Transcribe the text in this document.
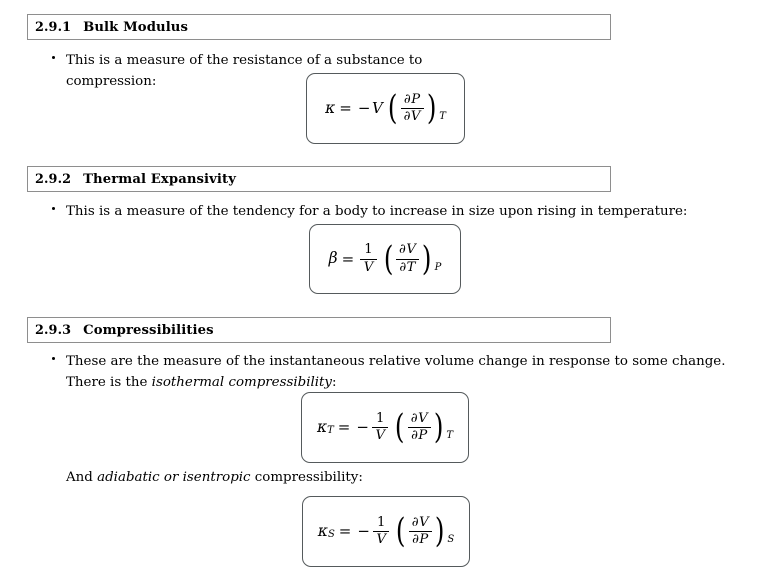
2.9.1 Bulk Modulus
This is a measure of the resistance of a substance to compression:
κ = − V ( $\frac{\partial P}{\partial V}$ ) T
2.9.2 Thermal Expansivity
This is a measure of the tendency for a body to increase in size upon rising in temperature:
$\beta = \frac{1}{V}$ ( $\frac{\partial V}{\partial T}$ ) P
2.9.3 Compressibilities
These are the measure of the instantaneous relative volume change in response to some change. There is the isothermal compressibility:
κ T = − $\frac{1}{V}$ ( $\frac{\partial V}{\partial P}$ ) T
And adiabatic or isentropic compressibility:
κ S = − $\frac{1}{V}$ ( $\frac{\partial V}{\partial P}$ ) S
